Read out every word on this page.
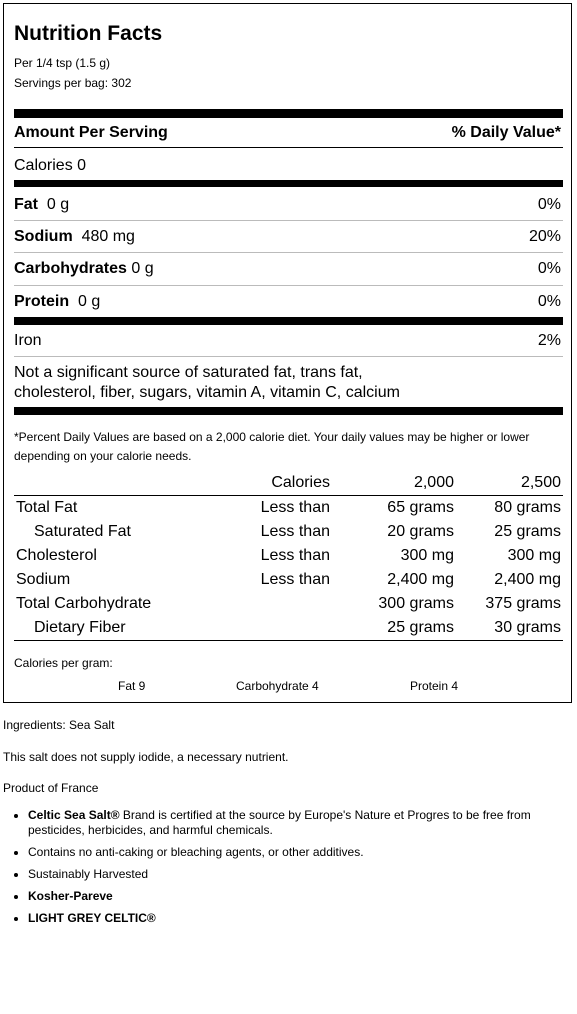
Nutrition Facts
Per 1/4 tsp (1.5 g)
Servings per bag: 302
Amount Per Serving	% Daily Value*
Calories 0
Fat 0 g	0%
Sodium 480 mg	20%
Carbohydrates 0 g	0%
Protein 0 g	0%
Iron	2%
Not a significant source of saturated fat, trans fat,
cholesterol, fiber, sugars, vitamin A, vitamin C, calcium
*Percent Daily Values are based on a 2,000 calorie diet. Your daily values may be higher or lower
depending on your calorie needs.
	Calories	2,000	2,500
Total Fat	Less than	65 grams	80 grams
Saturated Fat	Less than	20 grams	25 grams
Cholesterol	Less than	300 mg	300 mg
Sodium	Less than	2,400 mg	2,400 mg
Total Carbohydrate		300 grams	375 grams
Dietary Fiber		25 grams	30 grams
Calories per gram:
Fat 9	Carbohydrate 4	Protein 4
Ingredients: Sea Salt
This salt does not supply iodide, a necessary nutrient.
Product of France
• Celtic Sea Salt® Brand is certified at the source by Europe's Nature et Progres to be free from pesticides, herbicides, and harmful chemicals.
• Contains no anti-caking or bleaching agents, or other additives.
• Sustainably Harvested
• Kosher-Pareve
• LIGHT GREY CELTIC®
